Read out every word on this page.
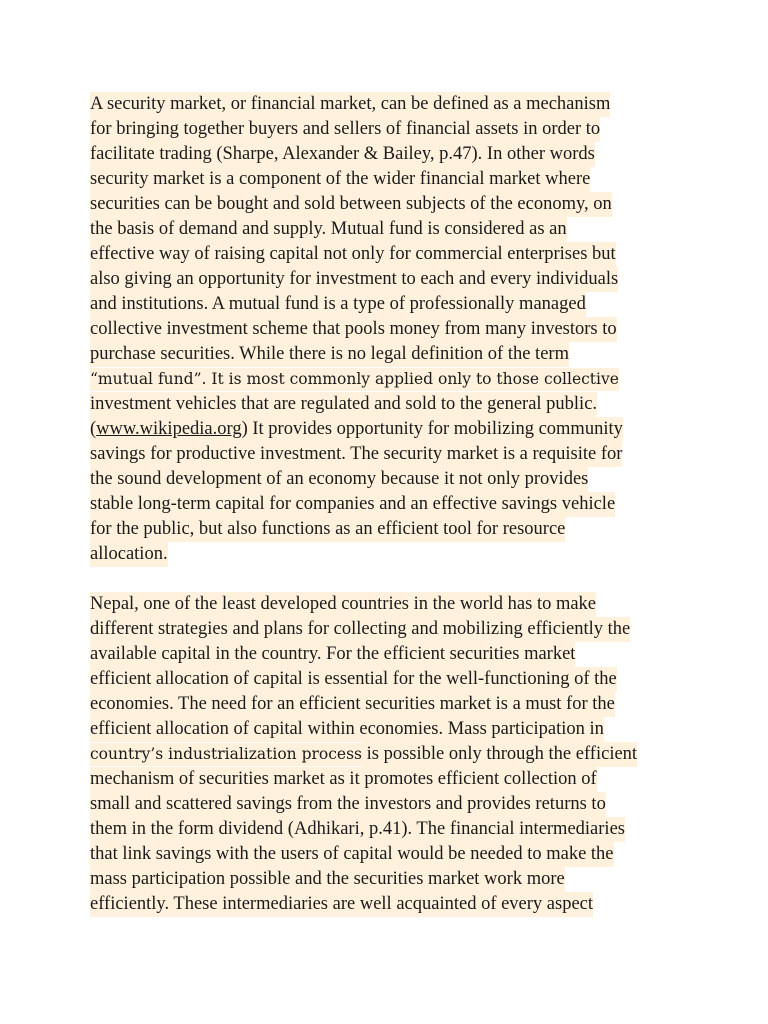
A security market, or financial market, can be defined as a mechanism
for bringing together buyers and sellers of financial assets in order to
facilitate trading (Sharpe, Alexander & Bailey, p.47). In other words
security market is a component of the wider financial market where
securities can be bought and sold between subjects of the economy, on
the basis of demand and supply. Mutual fund is considered as an
effective way of raising capital not only for commercial enterprises but
also giving an opportunity for investment to each and every individuals
and institutions. A mutual fund is a type of professionally managed
collective investment scheme that pools money from many investors to
purchase securities. While there is no legal definition of the term
“mutual fund”. It is most commonly applied only to those collective
investment vehicles that are regulated and sold to the general public.
(www.wikipedia.org) It provides opportunity for mobilizing community
savings for productive investment. The security market is a requisite for
the sound development of an economy because it not only provides
stable long-term capital for companies and an effective savings vehicle
for the public, but also functions as an efficient tool for resource
allocation.
Nepal, one of the least developed countries in the world has to make
different strategies and plans for collecting and mobilizing efficiently the
available capital in the country. For the efficient securities market
efficient allocation of capital is essential for the well-functioning of the
economies. The need for an efficient securities market is a must for the
efficient allocation of capital within economies. Mass participation in
country’s industrialization process is possible only through the efficient
mechanism of securities market as it promotes efficient collection of
small and scattered savings from the investors and provides returns to
them in the form dividend (Adhikari, p.41). The financial intermediaries
that link savings with the users of capital would be needed to make the
mass participation possible and the securities market work more
efficiently. These intermediaries are well acquainted of every aspect
